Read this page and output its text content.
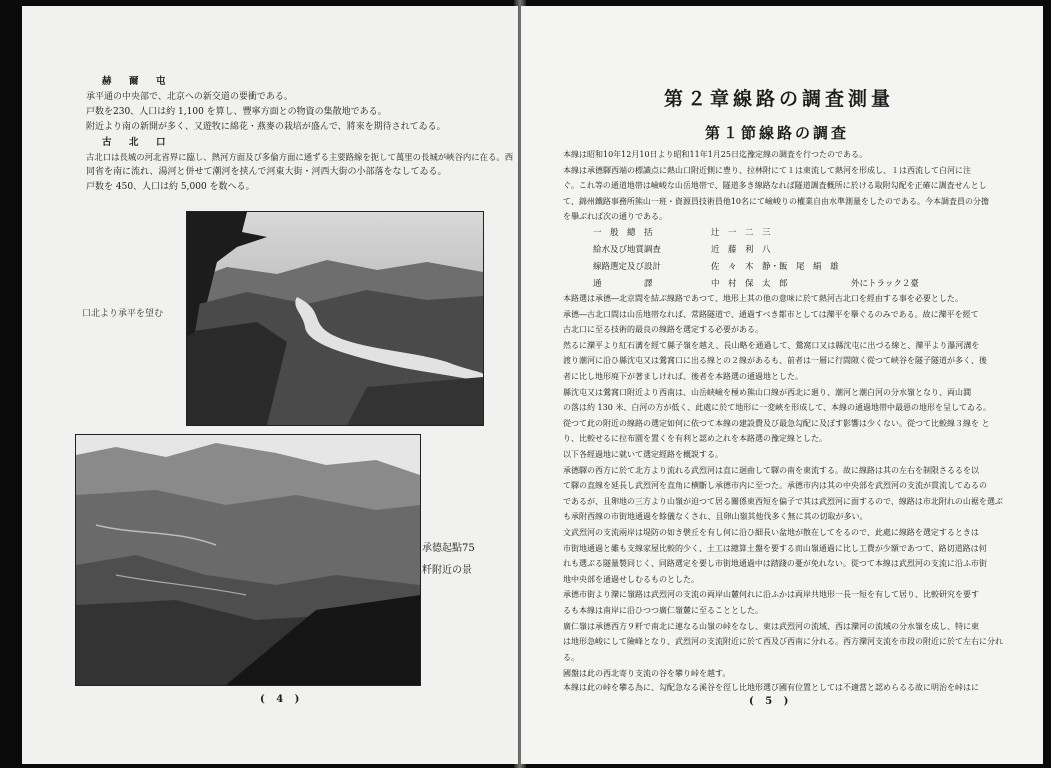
赫　爾　屯
承平通の中央部で、北京への新交道の要衝である。
戸数を230、人口は約 1,100 を算し、豐寧方面との物資の集散地である。
附近より南の新開が多く、又遊牧に綿花・燕麥の栽培が盛んで、將來を期待されてゐる。
古　北　口
古北口は長城の河北省界に臨し、熱河方面及び多倫方面に通ずる主要路線を扼して萬里の長城が峽谷内に在る。西
同省を南に流れ、湯河と併せて潮河を挟んで河東大街・河西大街の小部落をなしてゐる。
戸数を 450、人口は約 5,000 を数へる。
口北より承平を望む
承德起點75
粁附近の景
( 4 )
第２章線路の調査測量
第１節線路の調査
本線は昭和10年12月10日より昭和11年1月25日迄豫定線の調査を行つたのである。
本線は承德驛西端の標識点に熱山口附近側に豊り、拉林附にて１は東流して熱河を形成し、１は西流して白河に注
ぐ。これ等の通道地帯は嶮峻な山岳地帯で、隧道多き線路なれば隧道調査概所に於ける取附勾配を正確に調査せんとし
て、錦州鐵路事務所熊山一班・資源員技術員他10名にて嶮峻りの權業自由水準測量をしたのである。今本調査員の分擔
を擧ぶれば次の通りである。
一　般　總　括	辻　一　二　三
給水及び地質調査	近　藤　利　八
線路選定及び設計	佐　々　木　静・飯　尾　絹　雄
通　　　　　譯	中　村　保　太　郎	外にトラック２臺
本路選は承德―北京間を結ぶ線路であつて、地形上其の他の意味に於て熱河古北口を經由する事を必要とした。
承德―古北口間は山岳地帯なれば、常路隧道で、通過すべき都市としては灤平を擧ぐるのみである。故に灤平を經て
古北口に至る技術的最良の線路を選定する必要がある。
然るに灤平より紅石溝を經て縣子嶺を越え、長山略を通過して、鶯窩口又は縣沈屯に出づる線と、灤平より瀑河溝を
渡り潮河に沿ひ縣沈屯又は鶯窩口に出る線との２線があるも、前者は一層に行間隙く從つて峽谷を隧子隧道が多く、後
者に比し地形廃下が著ましければ、後者を本路選の通過地とした。
縣沈屯又は鶯窩口附近より西南は、山岳峡嶮を極め熊山口線が西北に廻り、潮河と潮白河の分水嶺となり、両山澗
の落は約 130 米、白河の方が低く、此處に於て地形に一変峽を形成して、本線の通過地帯中最惡の地形を呈してゐる。
從つて此の附近の線路の選定如何に依つて本線の建設費及び最急勾配に及ぼす影響は少くない。從つて比較線３線を と
り、比較せるに拉布園を置くを有利と認め之れを本路選の豫定線とした。
以下各經過地に就いて選定經路を概説する。
承德驛の西方に於て北方より流れる武烈河は直に迴曲して驛の南を東流する。故に線路は其の左右を制限さるるを以
て驛の直線を延長し武烈河を直角に横斷し承德市内に至つた。承德市内は其の中央部を武烈河の支流が貫流してゐるの
であるが、且卵地の三方より山嶺が迫つて居る關係東西短を偏子で其は武烈河に面するので、線路は市北附れの山裾を選ぶ
も承附西線の市街地通過を餘儀なくされ、且卵山嶺其他伐多く無に其の切取が多い。
文武烈河の支流兩岸は堤防の如き襞丘を有し何に沿ひ細長い盆地が散在してをるので、此處に線路を選定するときは
市街地通過と雖も支線家屋比較的少く、土工は總算土盤を要する而山嶺通過に比し工費が少額であつて、路切道路は何
れも選ぶる隧量製同じく、同路選定を要し市街地通過中は踏踐の憂が免れない。從つて本線は武烈河の支流に沿ふ市街
地中央部を通過せしむるものとした。
承德市街より灤に嶺路は武烈河の支流の両岸山麓何れに沿ふかは両岸共地形一長一短を有して居り、比較研究を要す
るも本線は南岸に沿ひつつ廣仁嶺麓に至ることとした。
廣仁嶺は承德西方９粁で南北に連なる山嶺の峠をなし、東は武烈河の流域、西は灤河の流域の分水嶺を成し、特に東
は地形急峻にして險峰となり、武烈河の支流附近に於て西及び西南に分れる。西方灤河支流を市段の附近に於て左右に分れ
る。
國盤は此の西北寄り支流の谷を攀り峠を越す。
本線は此の峠を攀る為に、勾配急なる溪谷を徑し比地形選び國有位置としては不適當と認めらるる故に明治を峠はに
( 5 )
